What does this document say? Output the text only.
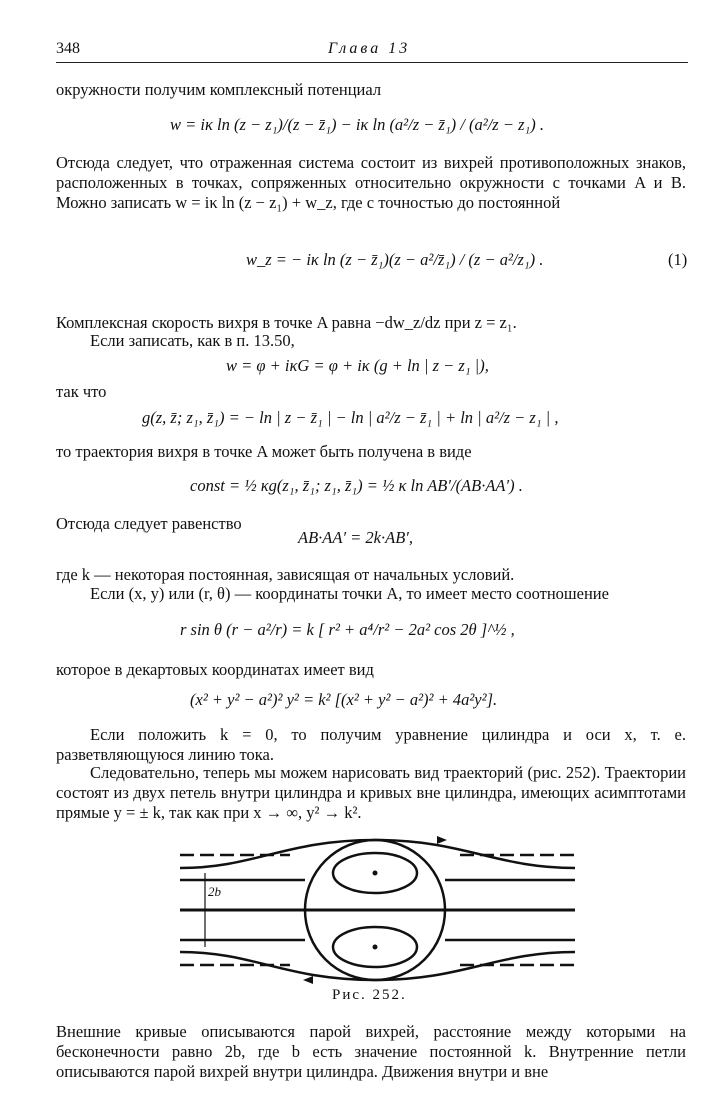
348	Глава 13
окружности получим комплексный потенциал
w = iκ ln (z − z₁)/(z − z̄₁) − iκ ln (a²/z − z̄₁) / (a²/z − z₁) .
Отсюда следует, что отраженная система состоит из вихрей противоположных знаков, расположенных в точках, сопряженных относительно окружности с точками A и B. Можно записать w = iκ ln (z − z₁) + w_z, где с точностью до постоянной
w_z = − iκ ln (z − z̄₁)(z − a²/z̄₁) / (z − a²/z₁) .	(1)
Комплексная скорость вихря в точке A равна −dw_z/dz при z = z₁.
Если записать, как в п. 13.50,
w = φ + iκG = φ + iκ (g + ln | z − z₁ |),
так что
g(z, z̄; z₁, z̄₁) = − ln | z − z̄₁ | − ln | a²/z − z̄₁ | + ln | a²/z − z₁ | ,
то траектория вихря в точке A может быть получена в виде
const = ½ κg(z₁, z̄₁; z₁, z̄₁) = ½ κ ln AB′/(AB·AA′) .
Отсюда следует равенство
AB·AA′ = 2k·AB′,
где k — некоторая постоянная, зависящая от начальных условий.
Если (x, y) или (r, θ) — координаты точки A, то имеет место соотношение
r sin θ (r − a²/r) = k [ r² + a⁴/r² − 2a² cos 2θ ]^½ ,
которое в декартовых координатах имеет вид
(x² + y² − a²)² y² = k² [(x² + y² − a²)² + 4a²y²].
Если положить k = 0, то получим уравнение цилиндра и оси x, т. е. разветвляющуюся линию тока.
Следовательно, теперь мы можем нарисовать вид траекторий (рис. 252). Траектории состоят из двух петель внутри цилиндра и кривых вне цилиндра, имеющих асимптотами прямые y = ± k, так как при x → ∞, y² → k².
2b
Рис. 252.
Внешние кривые описываются парой вихрей, расстояние между которыми на бесконечности равно 2b, где b есть значение постоянной k. Внутренние петли описываются парой вихрей внутри цилиндра. Движения внутри и вне
